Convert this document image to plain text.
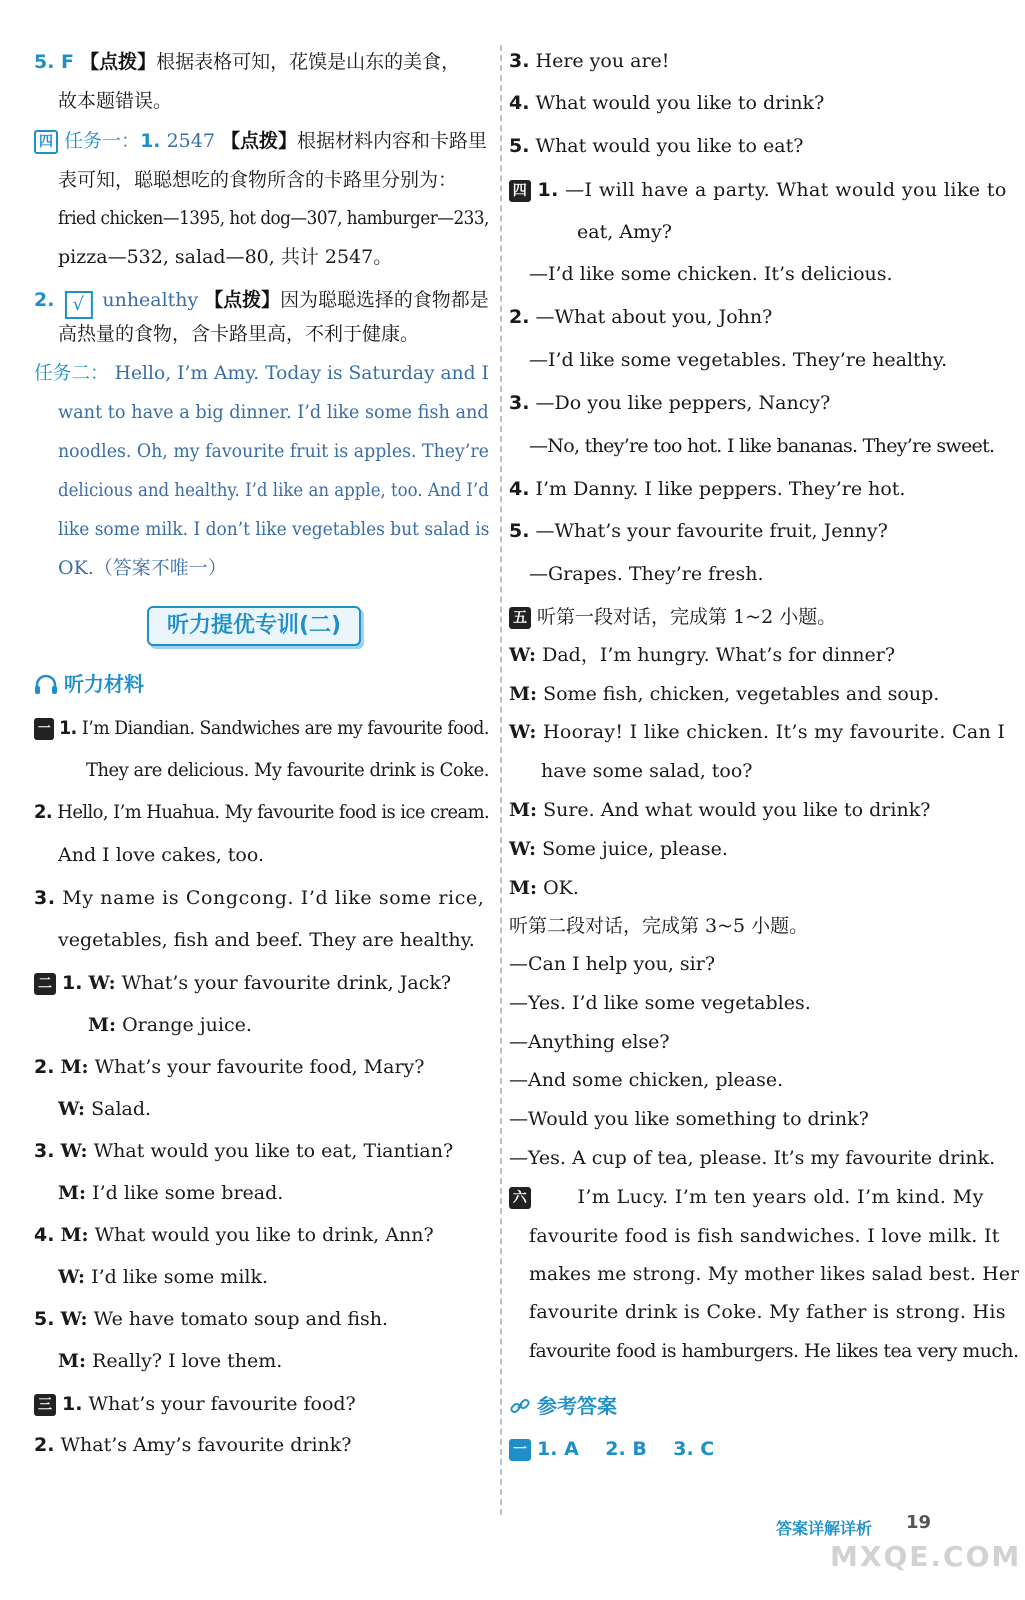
5. F 【点拨】根据表格可知，花馍是山东的美食，
故本题错误。
四 任务一：1. 2547 【点拨】根据材料内容和卡路里
表可知，聪聪想吃的食物所含的卡路里分别为：
fried chicken—1395, hot dog—307, hamburger—233,
pizza—532, salad—80, 共计 2547。
2. √ unhealthy 【点拨】因为聪聪选择的食物都是
高热量的食物，含卡路里高，不利于健康。
任务二： Hello, I’m Amy. Today is Saturday and I
want to have a big dinner. I’d like some fish and
noodles. Oh, my favourite fruit is apples. They’re
delicious and healthy. I’d like an apple, too. And I’d
like some milk. I don’t like vegetables but salad is
OK.（答案不唯一）
听力提优专训(二)
听力材料
一 1. I’m Diandian. Sandwiches are my favourite food.
They are delicious. My favourite drink is Coke.
2. Hello, I’m Huahua. My favourite food is ice cream.
And I love cakes, too.
3. My name is Congcong. I’d like some rice,
vegetables, fish and beef. They are healthy.
二 1. W: What’s your favourite drink, Jack?
M: Orange juice.
2. M: What’s your favourite food, Mary?
W: Salad.
3. W: What would you like to eat, Tiantian?
M: I’d like some bread.
4. M: What would you like to drink, Ann?
W: I’d like some milk.
5. W: We have tomato soup and fish.
M: Really? I love them.
三 1. What’s your favourite food?
2. What’s Amy’s favourite drink?
3. Here you are!
4. What would you like to drink?
5. What would you like to eat?
四 1. —I will have a party. What would you like to
eat, Amy?
—I’d like some chicken. It’s delicious.
2. —What about you, John?
—I’d like some vegetables. They’re healthy.
3. —Do you like peppers, Nancy?
—No, they’re too hot. I like bananas. They’re sweet.
4. I’m Danny. I like peppers. They’re hot.
5. —What’s your favourite fruit, Jenny?
—Grapes. They’re fresh.
五 听第一段对话，完成第 1~2 小题。
W: Dad，I’m hungry. What’s for dinner?
M: Some fish, chicken, vegetables and soup.
W: Hooray! I like chicken. It’s my favourite. Can I
have some salad, too?
M: Sure. And what would you like to drink?
W: Some juice, please.
M: OK.
听第二段对话，完成第 3~5 小题。
—Can I help you, sir?
—Yes. I’d like some vegetables.
—Anything else?
—And some chicken, please.
—Would you like something to drink?
—Yes. A cup of tea, please. It’s my favourite drink.
六	I’m Lucy. I’m ten years old. I’m kind. My
favourite food is fish sandwiches. I love milk. It
makes me strong. My mother likes salad best. Her
favourite drink is Coke. My father is strong. His
favourite food is hamburgers. He likes tea very much.
参考答案
一 1. A    2. B    3. C
答案详解详析 19
MXQE.COM
